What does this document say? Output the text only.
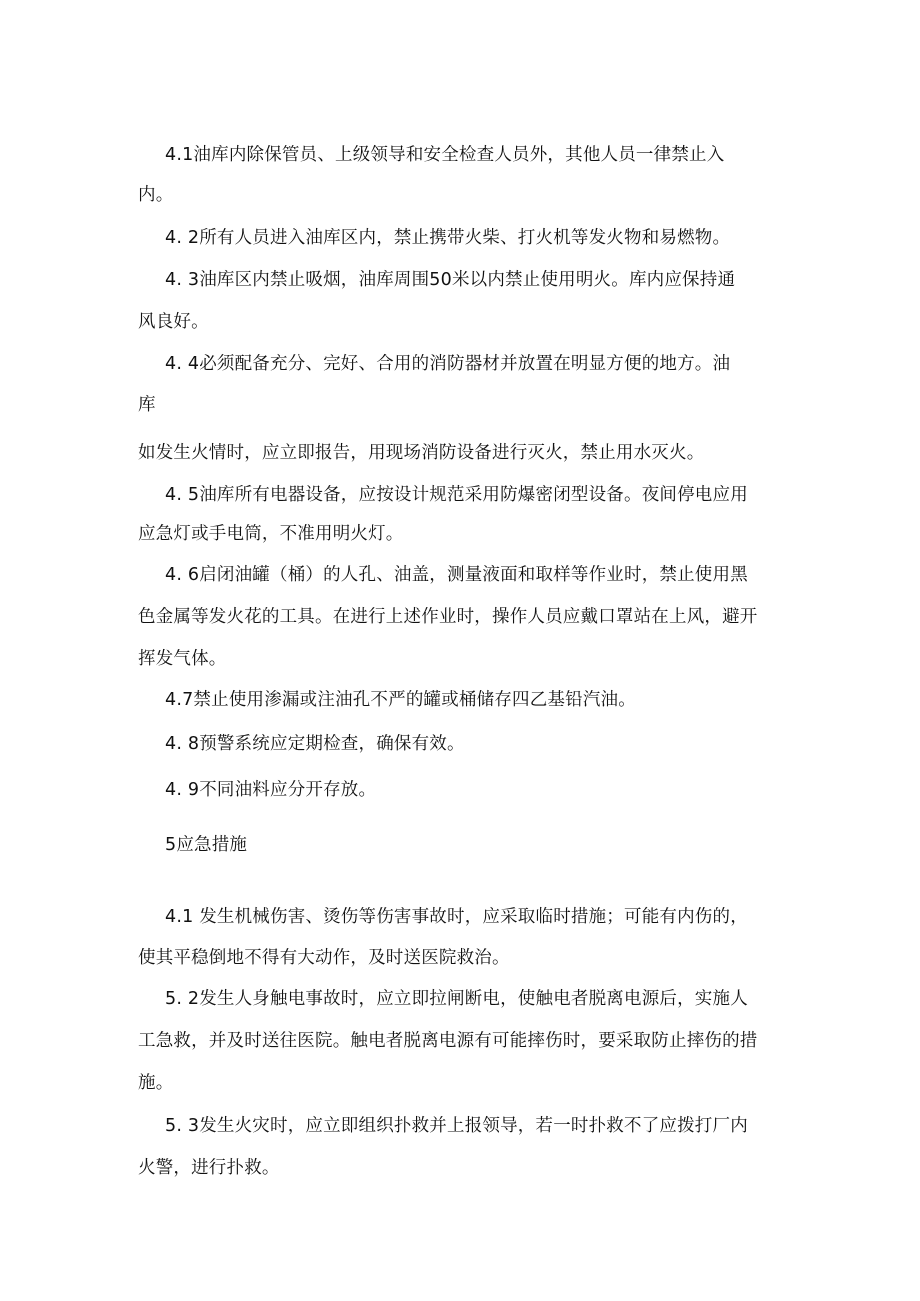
4.1油库内除保管员、上级领导和安全检查人员外，其他人员一律禁止入
内。
4. 2所有人员进入油库区内，禁止携带火柴、打火机等发火物和易燃物。
4. 3油库区内禁止吸烟，油库周围50米以内禁止使用明火。库内应保持通
风良好。
4. 4必须配备充分、完好、合用的消防器材并放置在明显方便的地方。油
库
如发生火情时，应立即报告，用现场消防设备进行灭火，禁止用水灭火。
4. 5油库所有电器设备，应按设计规范采用防爆密闭型设备。夜间停电应用
应急灯或手电筒，不准用明火灯。
4. 6启闭油罐（桶）的人孔、油盖，测量液面和取样等作业时，禁止使用黑
色金属等发火花的工具。在进行上述作业时，操作人员应戴口罩站在上风，避开
挥发气体。
4.7禁止使用渗漏或注油孔不严的罐或桶储存四乙基铅汽油。
4. 8预警系统应定期检查，确保有效。
4. 9不同油料应分开存放。
5应急措施
4.1 发生机械伤害、烫伤等伤害事故时，应采取临时措施；可能有内伤的，
使其平稳倒地不得有大动作，及时送医院救治。
5. 2发生人身触电事故时，应立即拉闸断电，使触电者脱离电源后，实施人
工急救，并及时送往医院。触电者脱离电源有可能摔伤时，要采取防止摔伤的措
施。
5. 3发生火灾时，应立即组织扑救并上报领导，若一时扑救不了应拨打厂内
火警，进行扑救。
